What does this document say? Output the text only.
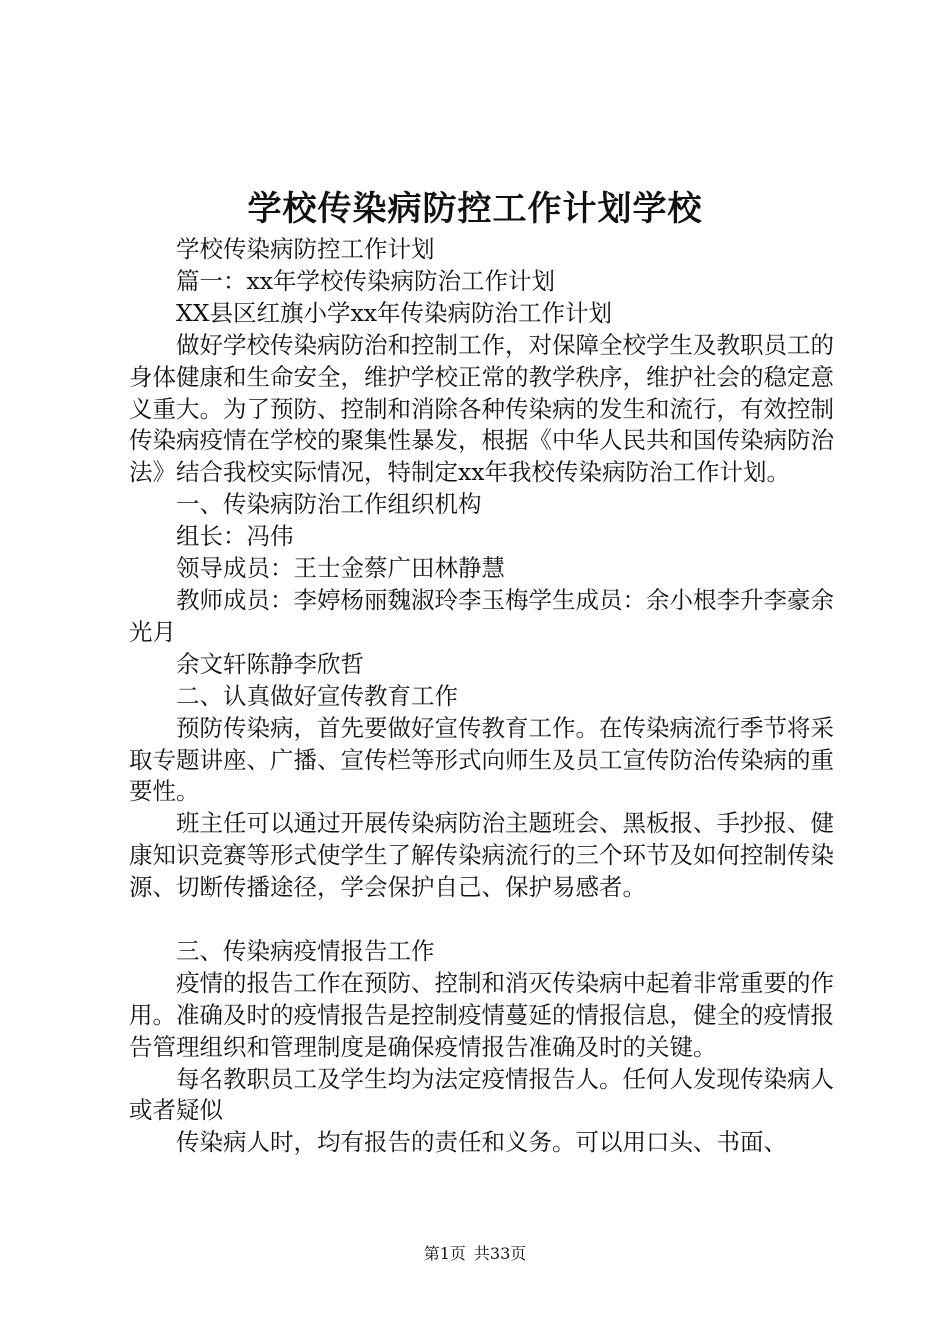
学校传染病防控工作计划学校

学校传染病防控工作计划

篇一：xx年学校传染病防治工作计划

XX县区红旗小学xx年传染病防治工作计划

做好学校传染病防治和控制工作，对保障全校学生及教职员工的身体健康和生命安全，维护学校正常的教学秩序，维护社会的稳定意义重大。为了预防、控制和消除各种传染病的发生和流行，有效控制传染病疫情在学校的聚集性暴发，根据《中华人民共和国传染病防治法》结合我校实际情况，特制定xx年我校传染病防治工作计划。

一、传染病防治工作组织机构

组长：冯伟

领导成员：王士金蔡广田林静慧

教师成员：李婷杨丽魏淑玲李玉梅学生成员：余小根李升李豪余光月

余文轩陈静李欣哲

二、认真做好宣传教育工作

预防传染病，首先要做好宣传教育工作。在传染病流行季节将采取专题讲座、广播、宣传栏等形式向师生及员工宣传防治传染病的重要性。

班主任可以通过开展传染病防治主题班会、黑板报、手抄报、健康知识竞赛等形式使学生了解传染病流行的三个环节及如何控制传染源、切断传播途径，学会保护自己、保护易感者。

三、传染病疫情报告工作

疫情的报告工作在预防、控制和消灭传染病中起着非常重要的作用。准确及时的疫情报告是控制疫情蔓延的情报信息，健全的疫情报告管理组织和管理制度是确保疫情报告准确及时的关键。

每名教职员工及学生均为法定疫情报告人。任何人发现传染病人或者疑似

传染病人时，均有报告的责任和义务。可以用口头、书面、

第1页 共33页
